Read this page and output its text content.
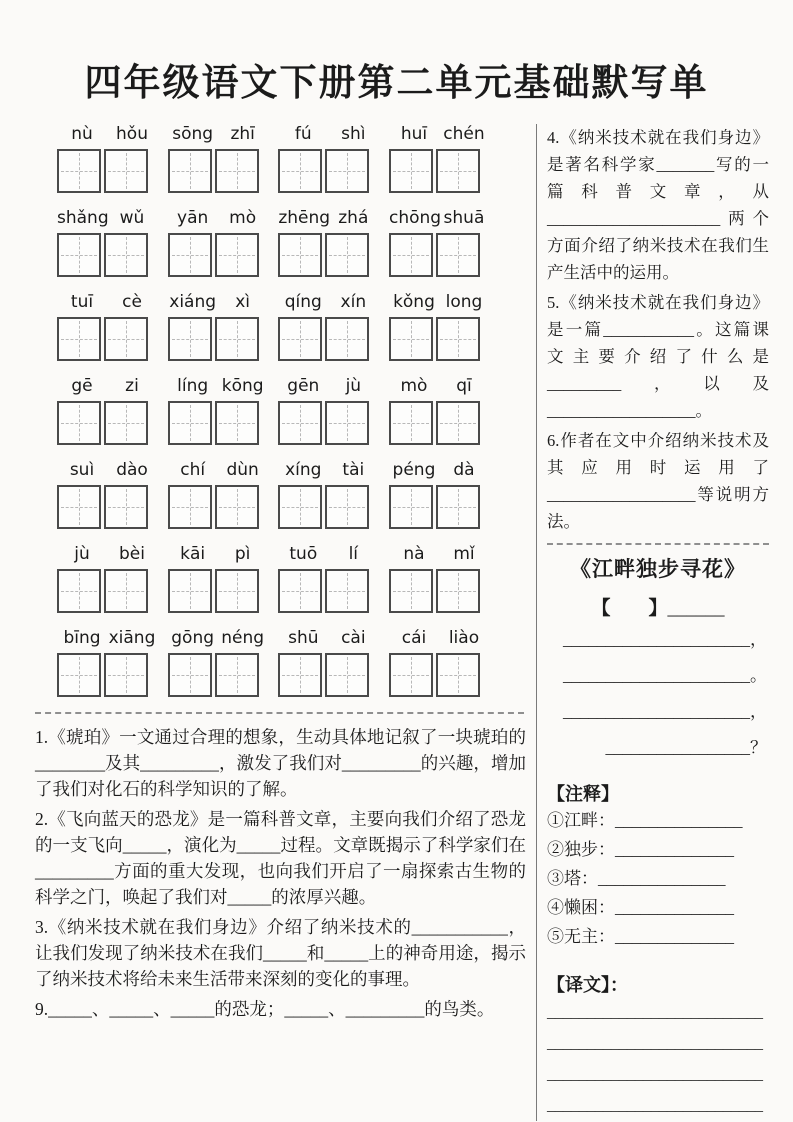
四年级语文下册第二单元基础默写单
nù	hǒu	sōng	zhī	fú	shì	huī chén
shǎng wǔ	yān	mò	zhēng zhá	chōng shuā
tuī	cè	xiáng	xì	qíng	xín	kǒng long
gē	zi	líng kōng	gēn	jù	mò	qī
suì	dào	chí	dùn	xíng	tài	péng	dà
jù	bèi	kāi	pì	tuō	lí	nà	mǐ
bīng xiāng gōng néng	shū	cài	cái	liào

1.《琥珀》一文通过合理的想象，生动具体地记叙了一块琥珀的________及其_________，激发了我们对_________的兴趣，增加了我们对化石的科学知识的了解。

2.《飞向蓝天的恐龙》是一篇科普文章，主要向我们介绍了恐龙的一支飞向_____，演化为_____过程。文章既揭示了科学家们在_________方面的重大发现，也向我们开启了一扇探索古生物的科学之门，唤起了我们对_____的浓厚兴趣。

3.《纳米技术就在我们身边》介绍了纳米技术的___________，让我们发现了纳米技术在我们_____和_____上的神奇用途，揭示了纳米技术将给未来生活带来深刻的变化的事理。

9._____、_____、_____的恐龙；_____、_________的鸟类。

4.《纳米技术就在我们身边》是著名科学家_______写的一篇科普文章，从_____________________两个方面介绍了纳米技术在我们生产生活中的运用。

5.《纳米技术就在我们身边》是一篇___________。这篇课文主要介绍了什么是_________，以及__________________。

6.作者在文中介绍纳米技术及其应用时运用了__________________等说明方法。

《江畔独步寻花》
【　　】______
______________________，
______________________。
______________________，
_________________？
【注释】
①江畔：_______________
②独步：______________
③塔：_______________
④懒困：______________
⑤无主：______________
【译文】：
___________________________
___________________________
___________________________
___________________________
